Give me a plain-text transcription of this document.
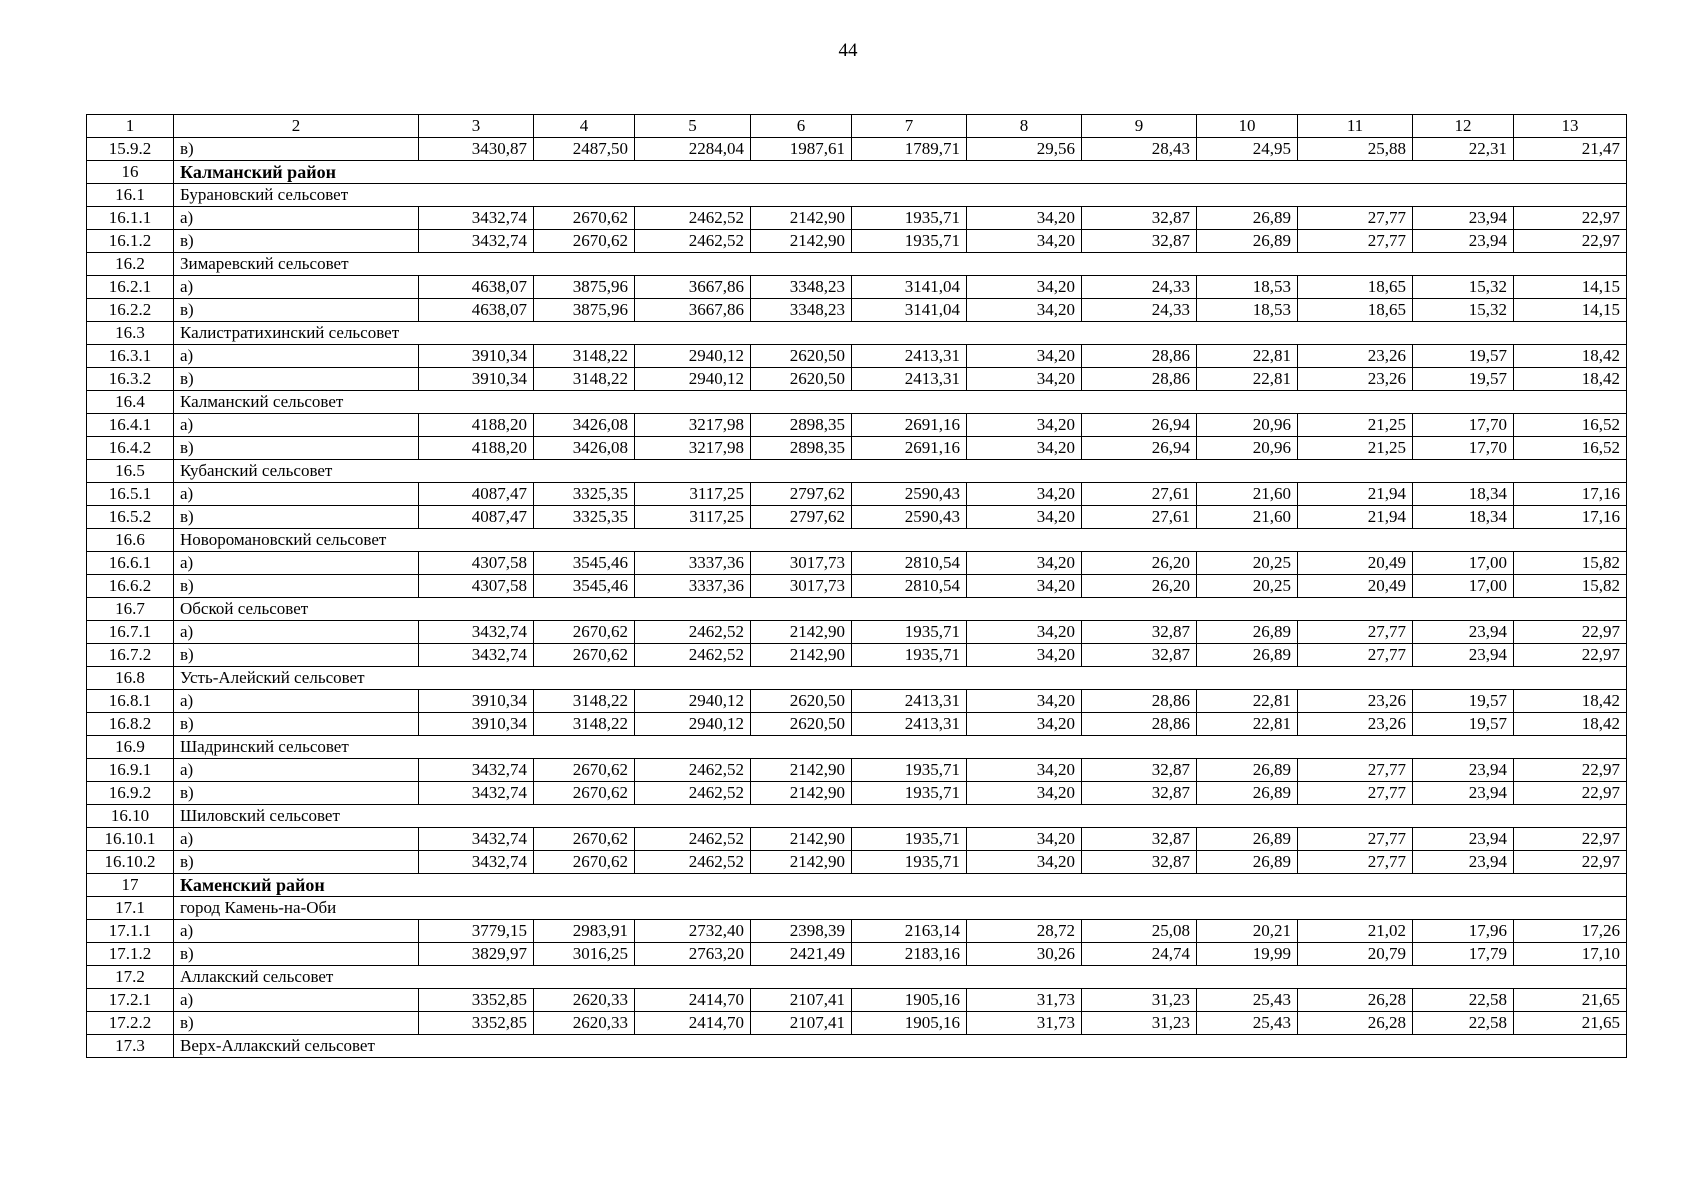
44
1	2	3	4	5	6	7	8	9	10	11	12	13
15.9.2	в)	3430,87	2487,50	2284,04	1987,61	1789,71	29,56	28,43	24,95	25,88	22,31	21,47
16	Калманский район											
16.1	Бурановский сельсовет											
16.1.1	а)	3432,74	2670,62	2462,52	2142,90	1935,71	34,20	32,87	26,89	27,77	23,94	22,97
16.1.2	в)	3432,74	2670,62	2462,52	2142,90	1935,71	34,20	32,87	26,89	27,77	23,94	22,97
16.2	Зимаревский сельсовет											
16.2.1	а)	4638,07	3875,96	3667,86	3348,23	3141,04	34,20	24,33	18,53	18,65	15,32	14,15
16.2.2	в)	4638,07	3875,96	3667,86	3348,23	3141,04	34,20	24,33	18,53	18,65	15,32	14,15
16.3	Калистратихинский сельсовет											
16.3.1	а)	3910,34	3148,22	2940,12	2620,50	2413,31	34,20	28,86	22,81	23,26	19,57	18,42
16.3.2	в)	3910,34	3148,22	2940,12	2620,50	2413,31	34,20	28,86	22,81	23,26	19,57	18,42
16.4	Калманский сельсовет											
16.4.1	а)	4188,20	3426,08	3217,98	2898,35	2691,16	34,20	26,94	20,96	21,25	17,70	16,52
16.4.2	в)	4188,20	3426,08	3217,98	2898,35	2691,16	34,20	26,94	20,96	21,25	17,70	16,52
16.5	Кубанский сельсовет											
16.5.1	а)	4087,47	3325,35	3117,25	2797,62	2590,43	34,20	27,61	21,60	21,94	18,34	17,16
16.5.2	в)	4087,47	3325,35	3117,25	2797,62	2590,43	34,20	27,61	21,60	21,94	18,34	17,16
16.6	Новоромановский сельсовет											
16.6.1	а)	4307,58	3545,46	3337,36	3017,73	2810,54	34,20	26,20	20,25	20,49	17,00	15,82
16.6.2	в)	4307,58	3545,46	3337,36	3017,73	2810,54	34,20	26,20	20,25	20,49	17,00	15,82
16.7	Обской сельсовет											
16.7.1	а)	3432,74	2670,62	2462,52	2142,90	1935,71	34,20	32,87	26,89	27,77	23,94	22,97
16.7.2	в)	3432,74	2670,62	2462,52	2142,90	1935,71	34,20	32,87	26,89	27,77	23,94	22,97
16.8	Усть-Алейский сельсовет											
16.8.1	а)	3910,34	3148,22	2940,12	2620,50	2413,31	34,20	28,86	22,81	23,26	19,57	18,42
16.8.2	в)	3910,34	3148,22	2940,12	2620,50	2413,31	34,20	28,86	22,81	23,26	19,57	18,42
16.9	Шадринский сельсовет											
16.9.1	а)	3432,74	2670,62	2462,52	2142,90	1935,71	34,20	32,87	26,89	27,77	23,94	22,97
16.9.2	в)	3432,74	2670,62	2462,52	2142,90	1935,71	34,20	32,87	26,89	27,77	23,94	22,97
16.10	Шиловский сельсовет											
16.10.1	а)	3432,74	2670,62	2462,52	2142,90	1935,71	34,20	32,87	26,89	27,77	23,94	22,97
16.10.2	в)	3432,74	2670,62	2462,52	2142,90	1935,71	34,20	32,87	26,89	27,77	23,94	22,97
17	Каменский район											
17.1	город Камень-на-Оби											
17.1.1	а)	3779,15	2983,91	2732,40	2398,39	2163,14	28,72	25,08	20,21	21,02	17,96	17,26
17.1.2	в)	3829,97	3016,25	2763,20	2421,49	2183,16	30,26	24,74	19,99	20,79	17,79	17,10
17.2	Аллакский сельсовет											
17.2.1	а)	3352,85	2620,33	2414,70	2107,41	1905,16	31,73	31,23	25,43	26,28	22,58	21,65
17.2.2	в)	3352,85	2620,33	2414,70	2107,41	1905,16	31,73	31,23	25,43	26,28	22,58	21,65
17.3	Верх-Аллакский сельсовет											
